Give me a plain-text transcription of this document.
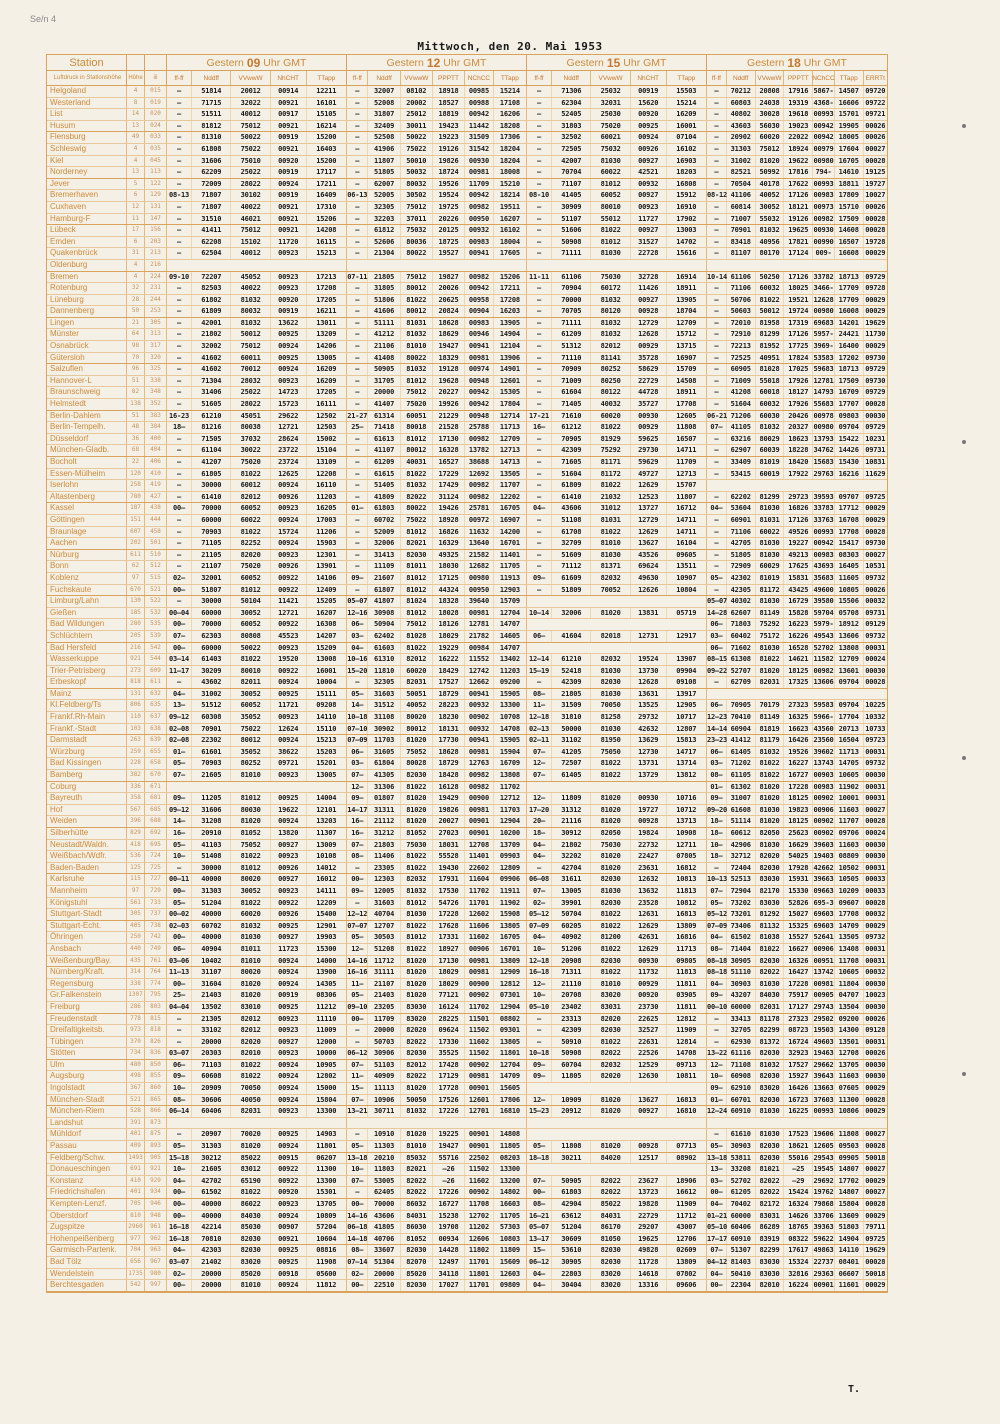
Se/n 4
Mittwoch, den 20. Mai 1953
Station	Gestern 09 Uhr GMT	Gestern 12 Uhr GMT	Gestern 15 Uhr GMT	Gestern 18 Uhr GMT
Luftdruck in Stationshöhe	Höhe	iii	ff-ff	Nddff	VVwwW	NhCHT	TTapp	ff-ff	Nddff	VVwwW	PPPTT	NChCC	TTapp	ff-ff	Nddff	VVwwW	NhCHT	TTapp	ff-ff	Nddff	VVwwW PPPTT NChCC TTapp	ERRTt
Helgoland	4	015	—	51814	20012	00914	12211	—	32007	08102	18918	00985	15214	—	71306	25032	00919	15503	—	70212	20808	17916 5867- 14507 09720
Westerland	8	019	—	71715	32022	00921	16101	—	52008	20002	18527	00988	17108	—	62304	32031	15620	15214	—	60803	24038	19319 4368- 16606 09722
List	14	020	—	51511	40012	00917	15105	—	31807	25012	18819	00942	16206	—	52405	25030	00920	16209	—	40802	30028	19618 00993 15701 09721
Husum	13	024	—	81812	75012	00921	16214	—	32409	30011	19423	11442	18208	—	31803	75020	00925	16001	—	43603	56030	19023 00942 19905 00026
Flensburg	49	033	—	81310	50022	00919	15200	—	52508	50022	19223	31509	17306	—	32502	60021	00924	07104	—	20902	60020	22022 00942 18005 00026
Schleswig	4	035	—	61808	75022	00921	16403	—	41906	75022	19126	31542	18204	—	72505	75032	00926	16102	—	31303	75012	18924 00979 17604 00027
Kiel	4	045	—	31606	75010	00920	15200	—	11807	50010	19826	00930	18204	—	42007	81030	00927	16903	—	31002	81020	19622 00980 16705 00028
Norderney	13	113	—	62209	25022	00919	17117	—	51805	50032	18724	00981	18008	—	70704	60022	42521	18203	—	82521	50992	17816	794-	14610 19125
Jever	5	122	—	72009	28022	00924	17211	—	62007	80032	19526	11709	15210	—	71107	81012	00932	16808	—	70504	40178	17622 00993 18811 19727
Bremerhaven	6	129	08-13	71807	30102	00919	16409	06-13 52005	30502	19524	00942	18214	08-10	41405	60052	00927	15912	08-12 41106	40052	17126 00983 17809 10027
Cuxhaven	12	131	—	71807	40022	00921	17310	—	32305	75012	19725	00982	19511	—	30909	80010	00923	16910	—	60814	30052	18121 00973 15710 00026
Hamburg-F	11	147	—	31510	46021	00921	15206	—	32203	37011	20226	00950	16207	—	51107	55012	11727	17902	—	71007	55032	19126 00982 17509 00028
Lübeck	17	156	—	41411	75012	00921	14208	—	61812	75032	20125	00932	16102	—	51606	81022	00927	13003	—	70901	81032	19625 00930 14608 00028
Emden	6	203	—	62208	15102	11720	16115	—	52606	80036	18725	00983	18004	—	50908	81012	31527	14702	—	83418	40956	17821 00990 16507 19728
Quakenbrück	31	213	—	62504	40012	00923	15213	—	21304	80022	19527	00941	17605	—	71111	81030	22728	15616	—	81107	80170	17124	009-	16608 00029
Oldenburg	4	216
Bremen	4	224	09-10	72207	45052	00923	17213	07-11 21805	75012	19827	00982	15206	11-11	61106	75030	32728	16914	10-14 61106	50250	17126 33782 18713 09729
Rotenburg	32	231	—	82503	40022	00923	17208	—	31805	80012	20026	00942	17211	—	70904	60172	11426	18911	—	71106	60032	18025 3466- 17709 09728
Lüneburg	28	244	—	61802	81032	00920	17205	—	51806	81022	20625	00958	17208	—	70000	81032	00927	13905	—	50706	81022	19521 12628 17709 00029
Dannenberg	50	253	—	61809	80032	00919	16211	—	41606	80012	20824	00904	16203	—	70705	80120	00928	18704	—	50603	50012	19724 00980 16008 00029
Lingen	21	305	—	42001	81032	13622	13011	—	51111	81031	18628	00983	13905	—	71111	81032	12729	12709	—	72010	81958	17319 69683 14201 19629
Münster	64	313	—	21802	50012	00925	13209	—	41212	81032	18629	00946	14904	—	61209	81032	12628	15712	—	72910	81299	17126 5957- 24421 11730
Osnabrück	98	317	—	32002	75012	00924	14206	—	21106	81010	19427	00941	12104	—	51312	82012	00929	13715	—	72213	81952	17725 3969- 16400 00029
Gütersloh	70	320	—	41602	60011	00925	13005	—	41408	80022	18329	00981	13906	—	71110	81141	35728	16907	—	72525	40951	17824 53583 17202 09730
Salzuflen	96	325	—	41602	70012	00924	16209	—	50905	81032	19128	00974	14901	—	70909	80252	58629	15709	—	60905	81028	17025 59683 18713 09729
Hannover-L	51	338	—	71304	28032	00923	16209	—	31705	81012	19628	00948	12601	—	71009	80250	22729	14508	—	71009	55018	17926 12781 17509 09730
Braunschweig	82	348	—	31406	25022	14723	17205	—	20000	75012	20227	00942	15305	—	61604	80122	44728	18911	—	41208	60018	18127 14793 16709 09729
Helmstedt	138	352	—	51605	28022	15723	16111	—	41407	75020	19926	00942	17804	—	71405	40032	35727	17708	—	51604	60032	17926 55683 17707 00028
Berlin-Dahlem	51	383	16-23	61210	45051	29622	12502	21-27 61314	60051	21229	00948	12714	17-21	71610	60020	00930	12605	06-21 71206	60030	20426 00978 09803 00030
Berlin-Tempelh.	48	384	18—	81216	80038	12721	12503	25—	71418	80018	21528	25788	11713	16—	61212	81022	00929	11808	07—	41105	81032	20327 00980 09704 09729
Düsseldorf	36	400	—	71505	37032	28624	15002	—	61613	81012	17130	00982	12709	—	70905	81929	59625	16507	—	63216	80029	18623 13793 15422 10231
München-Gladb.	68	404	—	61104	30022	23722	15104	—	41107	80012	16328	13782	12713	—	42309	75292	29730	14711	—	62907	60039	18228 34762 14426 09731
Bocholt	22	406	—	41207	75020	23724	13109	—	61209	40031	16527	38688	14713	—	71605	81171	59629	11709	—	33409	81019	18420 15683 15430 10831
Essen-Mülheim	120	410	—	61805	81022	12625	12208	—	61615	81022	17229	12692	13505	—	51604	81172	49727	12713	—	53415	60019	17922 29763 16216 11629
Iserlohn	258	419	—	30000	60012	00924	16110	—	51405	81032	17429	00982	11707	—	61809	81022	12629	15707
Altastenberg	780	427	—	61410	82012	00926	11203	—	41809	82022	31124	00982	12202	—	61410	21032	12523	11807	—	62202	81299	29723 39593 09707 09725
Kassel	187	438	00—	70000	60052	00923	16205	01—	61803	80022	19426	25781	16705	04—	43606	31012	13727	16712	04—	53604	81030	16826 33783 17712 00029
Göttingen	151	444	—	60000	60022	00924	17003	—	60702	75022	18928	00972	16907	—	51108	81031	12729	14711	—	60901	81031	17126 33763 16708 00029
Braunlage	607	458	—	70903	81022	15724	11206	—	52009	81012	16826	11632	14200	—	61708	81022	12629	14711	—	71106	60022	49526 00993 17708 00028
Aachen	202	501	—	71105	82252	00924	15903	—	32006	82021	16329	13640	16701	—	32709	81010	13627	16104	—	42705	81030	19227 00942 15417 09730
Nürburg	611	510	—	21105	82020	00923	12301	—	31413	82030	49325	21582	11401	—	51609	81030	43526	09605	—	51805	81030	49213 00983 08303 00027
Bonn	62	512	—	21107	75020	00926	13901	—	11109	81011	18030	12682	11705	—	71112	81371	69624	13511	—	72909	60029	17625 43693 16405 10531
Koblenz	97	515	02—	32001	60052	00922	14106	09—	21607	81012	17125	00980	11913	09—	61609	82032	49630	10907	05—	42302	81019	15831 35683 11605 09732
Fuchskaute	670	521	00—	51807	81012	00922	12409	—	61807	81012	44324	00950	12903	—	51809	70052	12626	10804	—	42305	81172	43425 49600 10805 00026
Limburg/Lahn	130	522	—	30000	50104	11421	15205	05—07 41807	81024	18328	39640	15709	05—07 40302	81030	16729 39580 15506 00032
Gießen	185	532	00—04	60000	30052	12721	16207	12—16 30908	81012	18028	00981	12704	10—14	32006	81020	13831	05719	14—28 62607	81149	15828 59704 05708 09731
Bad Wildungen	280	535	00—	70000	60052	00922	16308	06—	50904	75012	18126	12781	14707	06—	71803	75292	16223 5979- 18912 09129
Schlüchtern	205	539	07—	62303	80808	45523	14207	03—	62402	81028	18029	21782	14605	06—	41604	82018	12731	12917	03—	60402	75172	16226 49543 13606 09732
Bad Hersfeld	216	542	00—	60000	50022	00923	15209	04—	61603	81022	19229	00984	14707	06—	71602	81030	16528 52702 13808 00031
Wasserkuppe	921	544	03—14	61403	81022	19520	13008	10—16 61310	82012	16222	11552	13402	12—14	61210	82032	19524	13907	08—15 61308	81022	14621 11582 12709 00024
Trier-Petrisberg	273	609	11—17	30209	80010	00922	16001	15—20 11810	60020	18429	12742	11203	15—19	52418	81030	13730	09904	09—22 52707	81020	18125 00982 13601 00030
Erbeskopf	818	611	—	43602	82011	00924	10004	—	32305	82031	17527	12662	09200	—	42309	82030	12628	09108	—	62709	82031	17325 13606 09704 00028
Mainz	131	632	04—	31002	30052	00925	15111	05—	31603	50051	18729	00941	15905	08—	21805	81030	13631	13917
Kl.Feldberg/Ts	806	635	13—	51512	60052	11721	09208	14—	31512	40052	28223	00932	13300	11—	31509	70050	13525	12905	06—	70905	70179	27323 59583 09704 10225
Frankf.Rh-Main	110	637	09—12	60308	35052	00923	14110	10—18 31108	80020	18230	00902	10708	12—18	31810	81258	29732	10717	12—23 70410	81149	16325 5966- 17704 10332
Frankf.-Stadt	103	638	02—08	70901	75022	12624	15110	07—10 30902	80012	18131	00932	14708	02—13	50000	81030	42632	12807	14—14 60904	81819	16623 43560 20713 10733
Darmstadt	263	639	02—08	22302	80012	00924	15213	07—09 11703	81020	17730	00941	15905	02—11	31102	81950	13629	15813	23—23 41412	81179	16426 23560 16504 09723
Würzburg	259	655	01—	61601	35052	38622	15203	06—	31605	75052	18628	00981	15904	07—	41205	75050	12730	14717	06—	61405	81032	19526 39602 11713 00031
Bad Kissingen	228	658	05—	70903	80252	09721	15201	03—	61804	80028	18729	12763	16709	12—	72507	81022	13731	13714	03—	71202	81022	16227 13743 14705 09732
Bamberg	382	670	07—	21605	81010	00923	13005	07—	41305	82030	18428	00982	13808	07—	61405	81022	13729	13812	08—	61105	81022	16727 00903 10605 00030
Coburg	336	671	12—	31306	81022	16128	00982	11702	01—	61302	81020	17228 00983 11902 00031
Bayreuth	358	681	09—	11205	81012	00925	14004	09—	01807	81020	19429	00900	12712	12—	11809	81020	00930	10716	09—	31007	81020	18125 00902 10001 00031
Hof	567	685	09—12	31606	80030	19622	12101	14—17 31311	81020	19826	00981	11703	17—20	31312	81020	19727	10712	09—20 61608	81030	19823 00906 11603 00027
Weiden	396	688	14—	31208	81020	00924	13203	16—	21112	81020	20027	00901	12904	20—	21116	81020	00928	13713	18—	51114	81020	18125 00902 11707 00028
Silberhütte	829	692	16—	20910	81052	13820	11307	16—	31212	81052	27023	00901	10200	18—	30912	82050	19824	10908	18—	60612	82050	25623 00902 09706 00024
Neustadt/Waldn.	418	695	05—	41103	75052	00927	13009	07—	21803	75030	18031	12708	13709	04—	21802	75030	22732	12711	10—	42906	81030	16629 39603 11603 00030
Weißbach/Wdfr.	536	724	10—	51408	81022	00923	10108	08—	11406	81022	55528	11401	09903	04—	32202	81020	22427	07805	18—	32712	82020	54025 19403 08809 00030
Baden-Baden	125	725	—	30000	81012	00926	14012	—	23305	81022	19430	22602	12809	—	42704	81020	23631	16812	—	72404	82030	17928 42662 10502 00031
Karlsruhe	115	727	00—11	40000	80020	00927	16012	00—	12303	82032	17931	11604	09906	06—08	31611	82030	12632	10813	10—13 52513	83030	15931 39663 10505 00033
Mannheim	97	729	00—	31303	30052	00923	14111	09—	12005	81032	17530	11702	11911	07—	13005	81030	13632	11813	07—	72904	82170	15330 09663 10209 00033
Königstuhl	561	733	05—	51204	81022	00922	12209	—	31603	81012	54726	11701	11902	02—	39901	82030	23528	10812	05—	73202	83030	52826 695-3 09607 00028
Stuttgart-Stadt	305	737	00—02	40000	60020	00926	15400	12—12 40704	81030	17228	12602	15908	05—12	50704	81022	12631	16813	05—12 73201	81292	15027 69603 17708 00032
Stuttgart-Echt.	405	738	02—03	60702	81032	00925	12901	07—07 12707	81022	17628	11606	13805	07—09	60205	81022	12629	13809	07—09 73406	81132	15325 69603 14709 00029
Öhringen	250	742	00—	40000	81030	00927	19903	05—	30503	81012	17331	11602	16705	04—	40902	81200	42631	16816	04—	61502	81038	15527 52641 13505 09732
Ansbach	440	749	06—	40904	81011	11723	15300	12—	51208	81022	18927	00906	16701	10—	51206	81022	12629	11713	08—	71404	81022	16627 00906 13408 00031
Weißenburg/Bay.	435	761	03—06	10402	81010	00924	14000	14—16 11712	81020	17130	00981	13809	12—18	20908	82030	00930	09805	08—18 30905	82030	16326 00951 11708 00031
Nürnberg/Kraft.	314	764	11—13	31107	80020	00924	13900	16—16 31111	81020	18029	00981	12909	16—18	71311	81022	11732	11813	08—18 51110	82022	16427 13742 10605 00032
Regensburg	338	774	00—	31604	81020	00924	14305	11—	21107	81020	18029	00900	12812	12—	21110	81010	00929	11811	04—	30903	81030	17228 00981 11804 00030
Gr.Falkenstein	1307	795	25—	21403	81020	00919	08306	05—	21403	81020	77121	00902	07301	10—	20708	83020	00920	03905	09—	43207	84030	75917 00905 04707 10023
Freiburg	286	803	04—04	13502	83010	00925	11212	09—10 23205	83030	16124	11702	12904	05—10	23402	83031	23730	11811	00—10 60000	82031	17127 29743 13504 00030
Freudenstadt	778	815	—	21305	82012	00923	11110	00—	11709	83020	28225	11501	08802	—	23313	82020	22625	12812	—	33413	81178	27323 29502 09200 00026
Dreifaltigkeitsb.	973	818	—	33102	82012	00923	11009	—	20000	82020	09624	11502	09301	—	42309	82030	32527	11909	—	32705	82299	08723 19503 14300 09128
Tübingen	370	826	—	20000	82020	00927	12000	—	50703	82022	17330	11602	13805	—	50910	81022	22631	12814	—	62930	81372	16724 49603 13501 00031
Stötten	734	836	03—07	20303	82010	00923	10000	06—12 30906	82030	35525	11502	11801	10—18	50908	82022	22526	14708	13—22 61116	82030	32923 19463 12708 00026
Ulm	480	850	06—	71103	81022	00924	10905	07—	51103	82012	17428	00902	12704	09—	60704	82032	12529	09713	12—	71108	81032	17527 29662 13705 00030
Augsburg	498	855	09—	60608	81022	00924	12802	11—	40909	82022	17129	00981	14709	09—	11805	82020	12630	10811	10—	60908	82030	15927 39643 11603 00030
Ingolstadt	367	860	10—	20909	70050	00924	15000	15—	11113	81020	17728	00901	15605	09—	62910	83020	16426 13663 07605 00029
München-Stadt	521	865	08—	30606	40050	00924	15804	07—	10906	50050	17526	12601	17806	12—	10909	81020	13627	16813	01—	60701	82030	16723 37603 11300 00028
München-Riem	528	866	06—14	60406	82031	00923	13300	13—21 30711	81032	17226	12701	16810	15—23	20912	81020	00927	16810	12—24 60910	81030	16225 00993 10806 00029
Landshut	391	873
Mühldorf	401	875	—	20907	70020	00925	14903	—	10910	81020	19225	00901	14808	—	61610	81030	17523 19606 11808 00027
Passau	409	893	05—	31303	81020	00924	11801	05—	11303	81010	19427	00901	11805	05—	11808	81020	00928	07713	05—	30903	82030	18621 12605 09503 00028
Feldberg/Schw.	1493	905	15—18	30212	85022	00915	06207	13—18 20210	85032	55716	22502	08203	18—18	30211	84020	12517	08902	13—18 53811	82030	55016 29543 09905 50018
Donaueschingen	691	921	10—	21605	83012	00922	11300	10—	11803	82021	—26	11502	13300	13—	33208	81021	—25	19545 14807 00027
Konstanz	410	929	04—	42702	65190	00922	13300	07—	53005	82022	—26	11602	13200	07—	50905	82022	23627	18906	03—	52702	82022	—29	29692 17702 00029
Friedrichshafen	401	934	00—	61502	81022	00920	15301	—	62405	82022	17226	00902	14802	00—	61803	82022	13723	16612	00—	61205	82022	15424 19762 14807 00027
Kempten-Lenzf.	705	946	00—	40000	86022	00923	13705	00—	70000	86032	16727	11708	16603	08—	42904	85022	19828	11909	04—	70402	82172	16324 79868 15804 00028
Oberstdorf	810	948	00—	40000	84030	00924	10809	14—16 43606	84031	15238	12702	11705	16—21	63612	84031	22729	11712	01—21 60000	83031	14626 33706 13609 00029
Zugspitze	2960	961	16—18	42214	85030	00907	57204	06—18 41805	86030	19708	11202	57303	05—07	51204	86170	29207	43007	05—10 60406	86289	18765 39363 51803 79711
Hohenpeißenberg	977	962	16—18	70810	82030	00921	10604	14—18 40706	81052	00934	12606	10803	13—17	30609	81050	19625	12706	17—17 60910	83919	08322 59622 14904 09725
Garmisch-Partenk.	704	963	04—	42303	82030	00925	08816	08—	33607	82030	14428	11802	11809	15—	53610	82030	49828	02609	07—	51307	82299	17617 49863 14110 19629
Bad Tölz	656	967	03—07	21402	83020	00925	11908	07—14 51304	82070	12497	11701	15609	06—12	30905	82030	11728	13809	04—12 81403	83030	15324 22737 08401 00028
Wendelstein	1735	980	02—	20000	85020	00918	05600	02—	20000	85020	34118	11801	12603	04—	22803	83020	14618	07802	04—	50410	83030	32816 29363 06607 50018
Berchtesgaden	542	997	00—	20000	81010	00924	11812	00—	22510	82030	17027	11701	09809	04—	30404	83020	13316	09606	00—	22304	82010	16224 00901 11601 00029
T.
